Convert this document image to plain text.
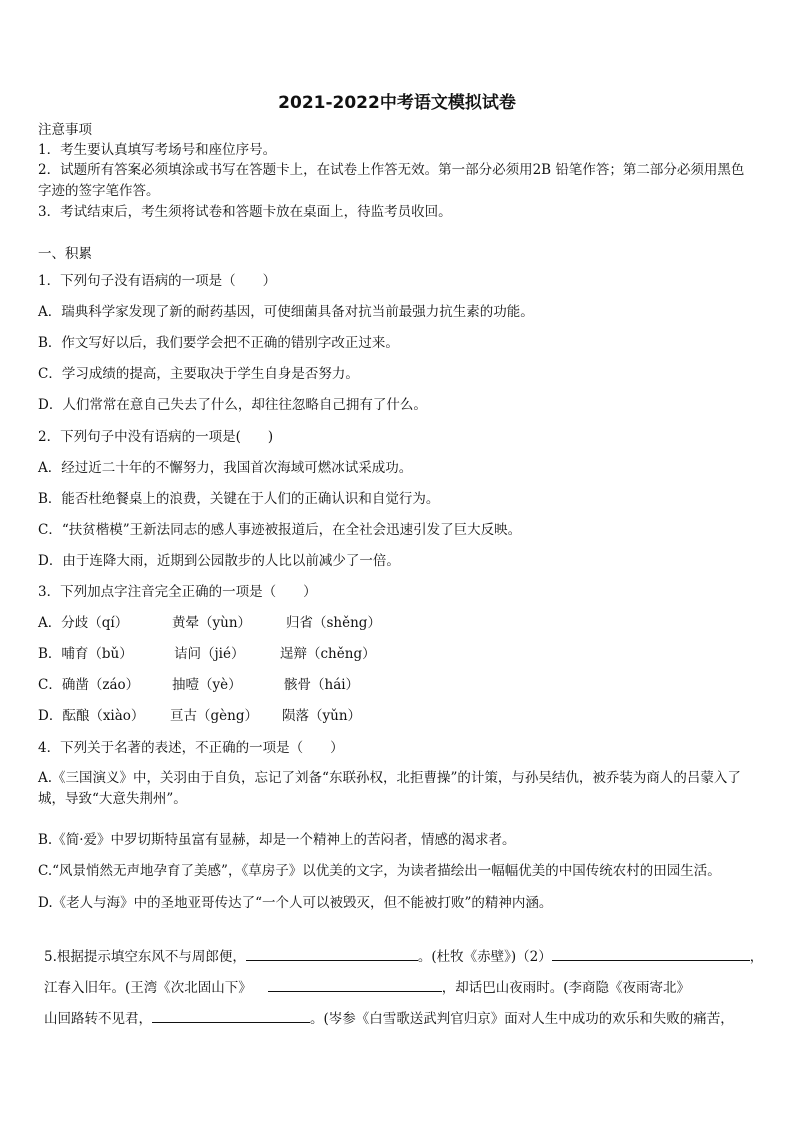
2021-2022中考语文模拟试卷
注意事项
1．考生要认真填写考场号和座位序号。
2．试题所有答案必须填涂或书写在答题卡上，在试卷上作答无效。第一部分必须用2B 铅笔作答；第二部分必须用黑色字迹的签字笔作答。
3．考试结束后，考生须将试卷和答题卡放在桌面上，待监考员收回。
一、积累
1．下列句子没有语病的一项是（　　）
A．瑞典科学家发现了新的耐药基因，可使细菌具备对抗当前最强力抗生素的功能。
B．作文写好以后，我们要学会把不正确的错别字改正过来。
C．学习成绩的提高，主要取决于学生自身是否努力。
D．人们常常在意自己失去了什么，却往往忽略自己拥有了什么。
2．下列句子中没有语病的一项是(　　)
A．经过近二十年的不懈努力，我国首次海域可燃冰试采成功。
B．能否杜绝餐桌上的浪费，关键在于人们的正确认识和自觉行为。
C．“扶贫楷模”王新法同志的感人事迹被报道后，在全社会迅速引发了巨大反映。
D．由于连降大雨，近期到公园散步的人比以前减少了一倍。
3．下列加点字注音完全正确的一项是（　　）
A．分歧（qí）	黄晕（yùn）	归省（shěng）
B．哺育（bǔ）	诘问（jié）	逞辩（chěng）
C．确凿（záo） 抽噎（yè）	骸骨（hái）
D．酝酿（xiào） 亘古（gèng） 陨落（yǔn）
4．下列关于名著的表述，不正确的一项是（　　）
A.《三国演义》中，关羽由于自负，忘记了刘备“东联孙权，北拒曹操”的计策，与孙吴结仇，被乔装为商人的吕蒙入了城，导致“大意失荆州”。
B.《简·爱》中罗切斯特虽富有显赫，却是一个精神上的苦闷者，情感的渴求者。
C.“风景悄然无声地孕育了美感”，《草房子》以优美的文字，为读者描绘出一幅幅优美的中国传统农村的田园生活。
D.《老人与海》中的圣地亚哥传达了“一个人可以被毁灭，但不能被打败”的精神内涵。
5.根据提示填空东风不与周郎便，	。(杜牧《赤壁》)（2）	，
江春入旧年。(王湾《次北固山下》	，却话巴山夜雨时。(李商隐《夜雨寄北》
山回路转不见君，	。(岑参《白雪歌送武判官归京》面对人生中成功的欢乐和失败的痛苦，
